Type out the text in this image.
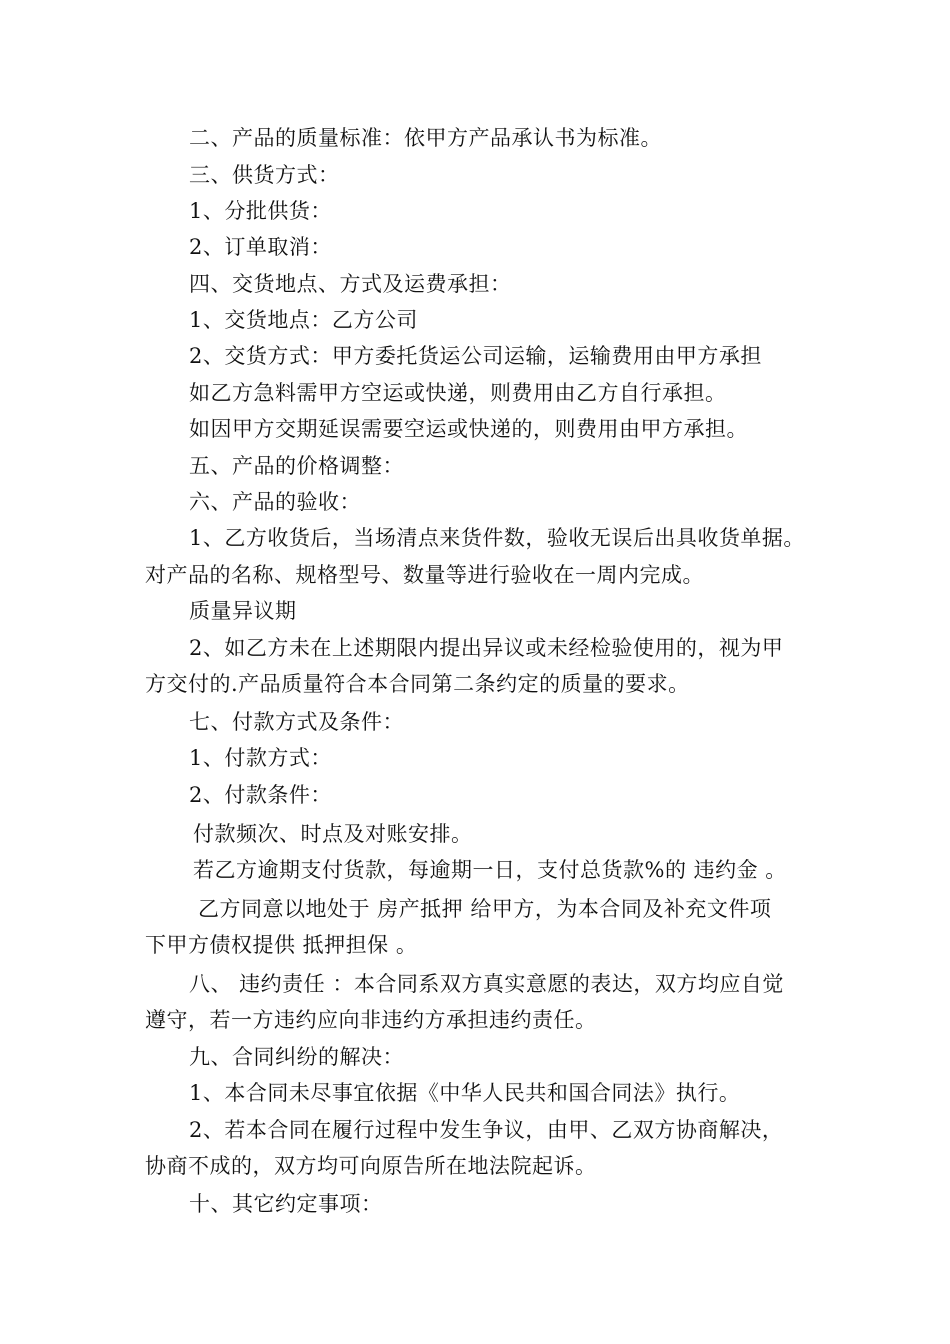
二、产品的质量标准：依甲方产品承认书为标准。
三、供货方式：
1、分批供货：
2、订单取消：
四、交货地点、方式及运费承担：
1、交货地点：乙方公司
2、交货方式：甲方委托货运公司运输，运输费用由甲方承担
如乙方急料需甲方空运或快递，则费用由乙方自行承担。
如因甲方交期延误需要空运或快递的，则费用由甲方承担。
五、产品的价格调整：
六、产品的验收：
1、乙方收货后，当场清点来货件数，验收无误后出具收货单据。
对产品的名称、规格型号、数量等进行验收在一周内完成。
质量异议期
2、如乙方未在上述期限内提出异议或未经检验使用的，视为甲
方交付的.产品质量符合本合同第二条约定的质量的要求。
七、付款方式及条件：
1、付款方式：
2、付款条件：
付款频次、时点及对账安排。
若乙方逾期支付货款，每逾期一日，支付总货款%的 违约金 。
乙方同意以地处于 房产抵押 给甲方，为本合同及补充文件项
下甲方债权提供 抵押担保 。
八、 违约责任 ：本合同系双方真实意愿的表达，双方均应自觉
遵守，若一方违约应向非违约方承担违约责任。
九、合同纠纷的解决：
1、本合同未尽事宜依据《中华人民共和国合同法》执行。
2、若本合同在履行过程中发生争议，由甲、乙双方协商解决，
协商不成的，双方均可向原告所在地法院起诉。
十、其它约定事项：
